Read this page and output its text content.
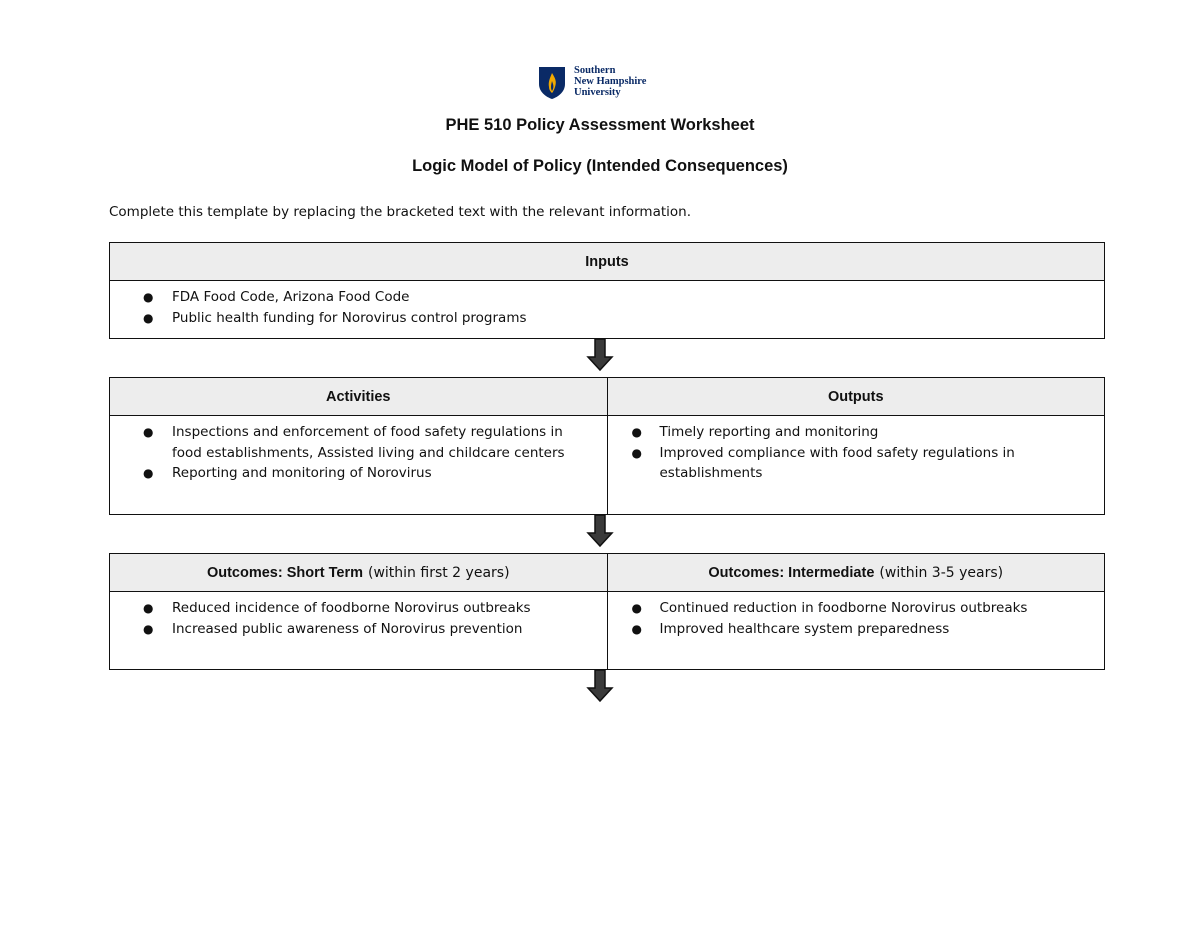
Southern
New Hampshire
University
PHE 510 Policy Assessment Worksheet
Logic Model of Policy (Intended Consequences)
Complete this template by replacing the bracketed text with the relevant information.
Inputs
● FDA Food Code, Arizona Food Code
● Public health funding for Norovirus control programs
Activities
● Inspections and enforcement of food safety regulations in food establishments, Assisted living and childcare centers
● Reporting and monitoring of Norovirus
Outputs
● Timely reporting and monitoring
● Improved compliance with food safety regulations in establishments
Outcomes: Short Term (within first 2 years)
● Reduced incidence of foodborne Norovirus outbreaks
● Increased public awareness of Norovirus prevention
Outcomes: Intermediate (within 3-5 years)
● Continued reduction in foodborne Norovirus outbreaks
● Improved healthcare system preparedness
